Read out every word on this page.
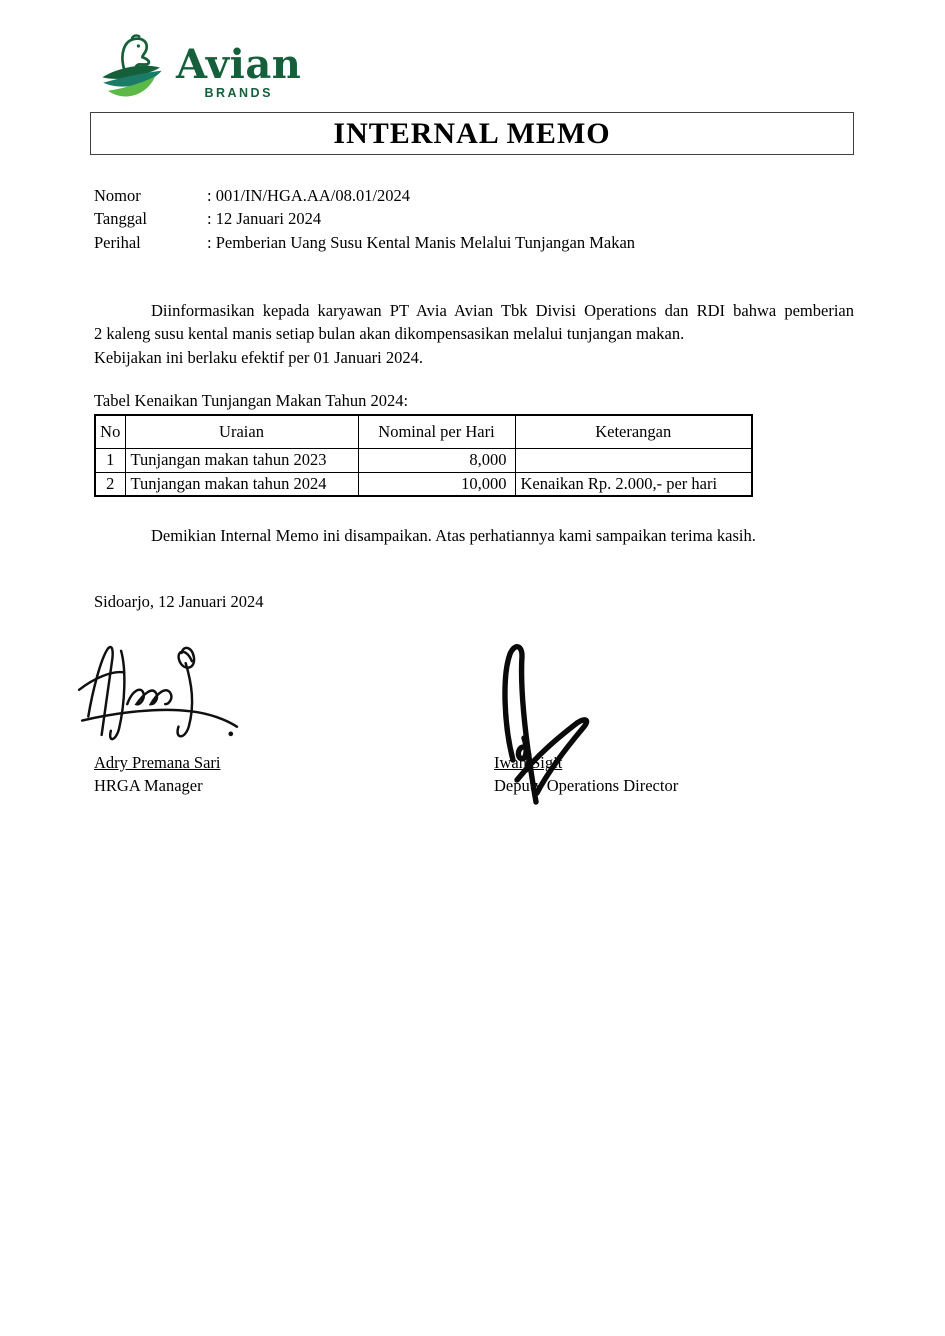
Avian
BRANDS
INTERNAL MEMO
Nomor	: 001/IN/HGA.AA/08.01/2024
Tanggal	: 12 Januari 2024
Perihal	: Pemberian Uang Susu Kental Manis Melalui Tunjangan Makan
Diinformasikan kepada karyawan PT Avia Avian Tbk Divisi Operations dan RDI bahwa pemberian
2 kaleng susu kental manis setiap bulan akan dikompensasikan melalui tunjangan makan.
Kebijakan ini berlaku efektif per 01 Januari 2024.
Tabel Kenaikan Tunjangan Makan Tahun 2024:
No	Uraian	Nominal per Hari	Keterangan
1	Tunjangan makan tahun 2023	8,000	
2	Tunjangan makan tahun 2024	10,000	Kenaikan Rp. 2.000,- per hari
Demikian Internal Memo ini disampaikan. Atas perhatiannya kami sampaikan terima kasih.
Sidoarjo, 12 Januari 2024
Adry Premana Sari
HRGA Manager
Iwan Sigit
Deputy Operations Director
